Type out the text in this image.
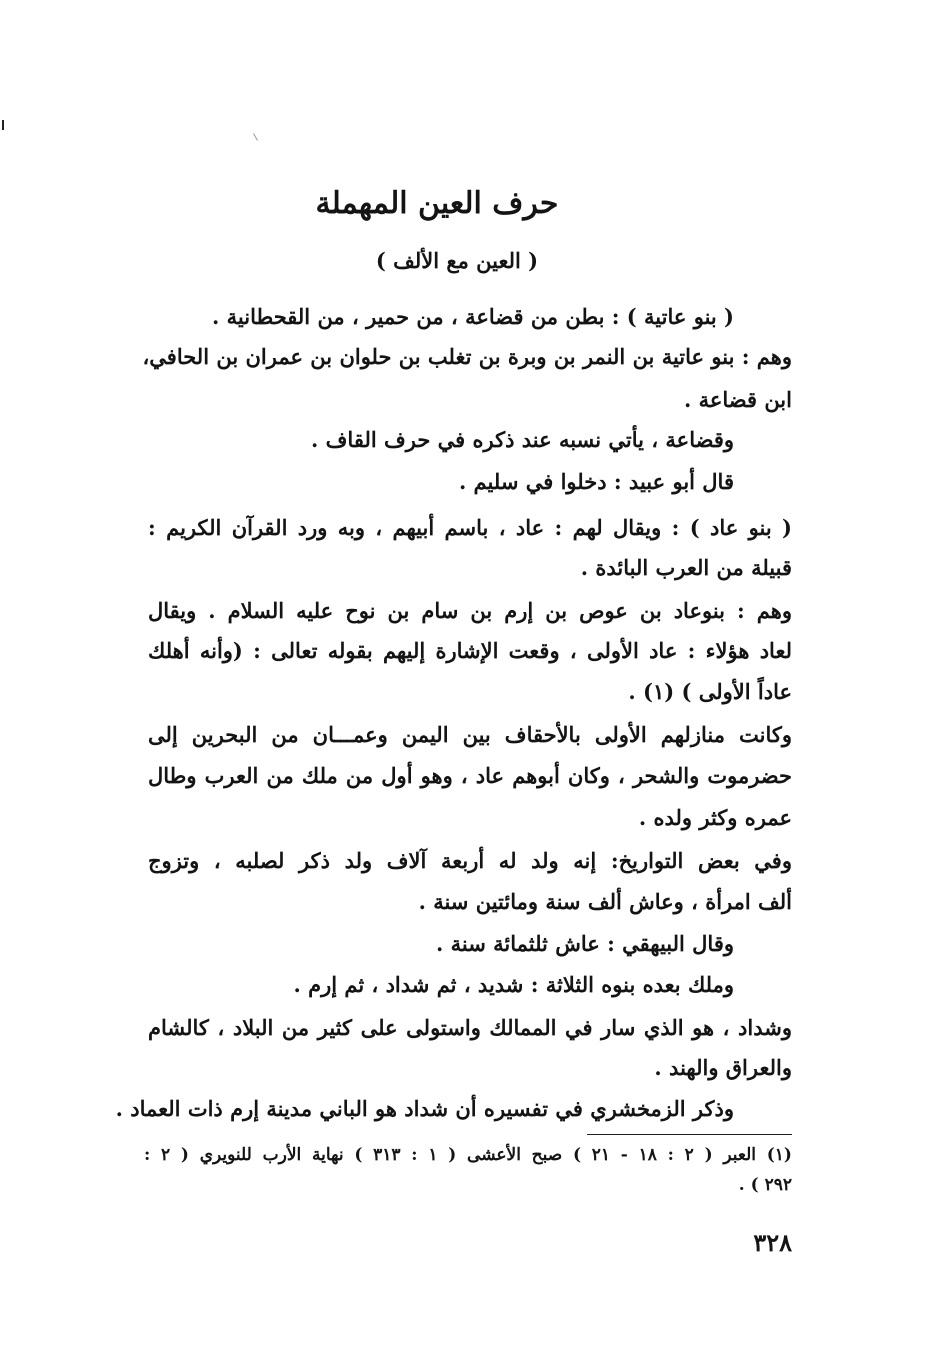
حرف العين المهملة
( العين مع الألف )
( بنو عاتية ) : بطن من قضاعة ، من حمير ، من القحطانية .
وهم : بنو عاتية بن النمر بن وبرة بن تغلب بن حلوان بن عمران بن الحافي،
ابن قضاعة .
وقضاعة ، يأتي نسبه عند ذكره في حرف القاف .
قال أبو عبيد : دخلوا في سليم .
( بنو عاد ) : ويقال لهم : عاد ، باسم أبيهم ، وبه ورد القرآن الكريم :
قبيلة من العرب البائدة .
وهم : بنوعاد بن عوص بن إرم بن سام بن نوح عليه السلام . ويقال
لعاد هؤلاء : عاد الأولى ، وقعت الإشارة إليهم بقوله تعالى : (وأنه أهلك
عاداً الأولى ) (١) .
وكانت منازلهم الأولى بالأحقاف بين اليمن وعمـــان من البحرين إلى
حضرموت والشحر ، وكان أبوهم عاد ، وهو أول من ملك من العرب وطال
عمره وكثر ولده .
وفي بعض التواريخ: إنه ولد له أربعة آلاف ولد ذكر لصلبه ، وتزوج
ألف امرأة ، وعاش ألف سنة ومائتين سنة .
وقال البيهقي : عاش ثلثمائة سنة .
وملك بعده بنوه الثلاثة : شديد ، ثم شداد ، ثم إرم .
وشداد ، هو الذي سار في الممالك واستولى على كثير من البلاد ، كالشام
والعراق والهند .
وذكر الزمخشري في تفسيره أن شداد هو الباني مدينة إرم ذات العماد .
(١) العبر ( ٢ : ١٨ - ٢١ ) صبح الأعشى ( ١ : ٣١٣ ) نهاية الأرب للنويري ( ٢ :
٢٩٢ ) .
٣٢٨
